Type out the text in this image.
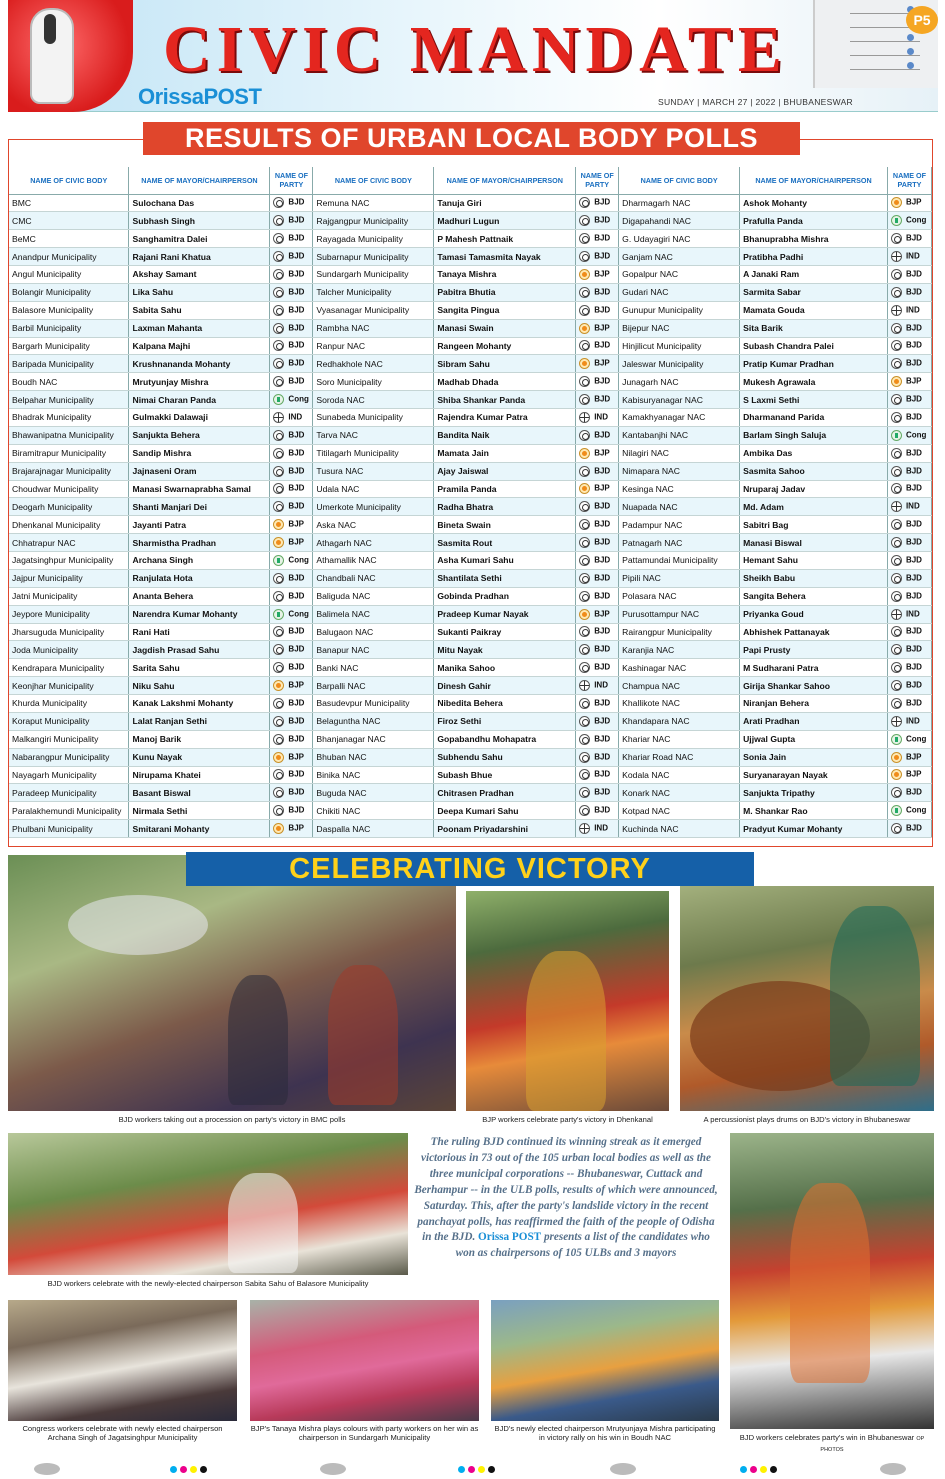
CIVIC MANDATE
OrissaPOST	SUNDAY | MARCH 27 | 2022 | BHUBANESWAR
P5
NAME OF CIVIC BODY	NAME OF MAYOR/CHAIRPERSON	NAME OF PARTY	NAME OF CIVIC BODY	NAME OF MAYOR/CHAIRPERSON	NAME OF PARTY	NAME OF CIVIC BODY	NAME OF MAYOR/CHAIRPERSON	NAME OF PARTY
BMC	Sulochana Das	BJD	Remuna NAC	Tanuja Giri	BJD	Dharmagarh NAC	Ashok Mohanty	BJP
CMC	Subhash Singh	BJD	Rajgangpur Municipality	Madhuri Lugun	BJD	Digapahandi NAC	Prafulla Panda	Cong
BeMC	Sanghamitra Dalei	BJD	Rayagada Municipality	P Mahesh Pattnaik	BJD	G. Udayagiri NAC	Bhanuprabha Mishra	BJD
Anandpur Municipality	Rajani Rani Khatua	BJD	Subarnapur Municipality	Tamasi Tamasmita Nayak	BJD	Ganjam NAC	Pratibha Padhi	IND
Angul Municipality	Akshay Samant	BJD	Sundargarh Municipality	Tanaya Mishra	BJP	Gopalpur NAC	A Janaki Ram	BJD
Bolangir Municipality	Lika Sahu	BJD	Talcher Municipality	Pabitra Bhutia	BJD	Gudari NAC	Sarmita Sabar	BJD
Balasore Municipality	Sabita Sahu	BJD	Vyasanagar Municipality	Sangita Pingua	BJD	Gunupur Municipality	Mamata Gouda	IND
Barbil Municipality	Laxman Mahanta	BJD	Rambha NAC	Manasi Swain	BJP	Bijepur NAC	Sita Barik	BJD
Bargarh Municipality	Kalpana Majhi	BJD	Ranpur NAC	Rangeen Mohanty	BJD	Hinjilicut Municipality	Subash Chandra Palei	BJD
Baripada Municipality	Krushnananda Mohanty	BJD	Redhakhole NAC	Sibram Sahu	BJP	Jaleswar Municipality	Pratip Kumar Pradhan	BJD
Boudh NAC	Mrutyunjay Mishra	BJD	Soro Municipality	Madhab Dhada	BJD	Junagarh NAC	Mukesh Agrawala	BJP
Belpahar Municipality	Nimai Charan Panda	Cong	Soroda NAC	Shiba Shankar Panda	BJD	Kabisuryanagar NAC	S Laxmi Sethi	BJD
Bhadrak Municipality	Gulmakki Dalawaji	IND	Sunabeda Municipality	Rajendra Kumar Patra	IND	Kamakhyanagar NAC	Dharmanand Parida	BJD
Bhawanipatna Municipality	Sanjukta Behera	BJD	Tarva NAC	Bandita Naik	BJD	Kantabanjhi NAC	Barlam Singh Saluja	Cong
Biramitrapur Municipality	Sandip Mishra	BJD	Titilagarh Municipality	Mamata Jain	BJP	Nilagiri NAC	Ambika Das	BJD
Brajarajnagar Municipality	Jajnaseni Oram	BJD	Tusura NAC	Ajay Jaiswal	BJD	Nimapara NAC	Sasmita Sahoo	BJD
Choudwar Municipality	Manasi Swarnaprabha Samal	BJD	Udala NAC	Pramila Panda	BJP	Kesinga NAC	Nruparaj Jadav	BJD
Deogarh Municipality	Shanti Manjari Dei	BJD	Umerkote Municipality	Radha Bhatra	BJD	Nuapada NAC	Md. Adam	IND
Dhenkanal Municipality	Jayanti Patra	BJP	Aska NAC	Bineta Swain	BJD	Padampur NAC	Sabitri Bag	BJD
Chhatrapur NAC	Sharmistha Pradhan	BJP	Athagarh NAC	Sasmita Rout	BJD	Patnagarh NAC	Manasi Biswal	BJD
Jagatsinghpur Municipality	Archana Singh	Cong	Athamallik NAC	Asha Kumari Sahu	BJD	Pattamundai Municipality	Hemant Sahu	BJD
Jajpur Municipality	Ranjulata Hota	BJD	Chandbali NAC	Shantilata Sethi	BJD	Pipili NAC	Sheikh Babu	BJD
Jatni Municipality	Ananta Behera	BJD	Baliguda NAC	Gobinda Pradhan	BJD	Polasara NAC	Sangita Behera	BJD
Jeypore Municipality	Narendra Kumar Mohanty	Cong	Balimela NAC	Pradeep Kumar Nayak	BJP	Purusottampur NAC	Priyanka Goud	IND
Jharsuguda Municipality	Rani Hati	BJD	Balugaon NAC	Sukanti Paikray	BJD	Rairangpur Municipality	Abhishek Pattanayak	BJD
Joda Municipality	Jagdish Prasad Sahu	BJD	Banapur NAC	Mitu Nayak	BJD	Karanjia NAC	Papi Prusty	BJD
Kendrapara Municipality	Sarita Sahu	BJD	Banki NAC	Manika Sahoo	BJD	Kashinagar NAC	M Sudharani Patra	BJD
Keonjhar Municipality	Niku Sahu	BJP	Barpalli NAC	Dinesh Gahir	IND	Champua NAC	Girija Shankar Sahoo	BJD
Khurda Municipality	Kanak Lakshmi Mohanty	BJD	Basudevpur Municipality	Nibedita Behera	BJD	Khallikote NAC	Niranjan Behera	BJD
Koraput Municipality	Lalat Ranjan Sethi	BJD	Belaguntha NAC	Firoz Sethi	BJD	Khandapara NAC	Arati Pradhan	IND
Malkangiri Municipality	Manoj Barik	BJD	Bhanjanagar NAC	Gopabandhu Mohapatra	BJD	Khariar NAC	Ujjwal Gupta	Cong
Nabarangpur Municipality	Kunu Nayak	BJP	Bhuban NAC	Subhendu Sahu	BJD	Khariar Road NAC	Sonia Jain	BJP
Nayagarh Municipality	Nirupama Khatei	BJD	Binika NAC	Subash Bhue	BJD	Kodala NAC	Suryanarayan Nayak	BJP
Paradeep Municipality	Basant Biswal	BJD	Buguda NAC	Chitrasen Pradhan	BJD	Konark NAC	Sanjukta Tripathy	BJD
Paralakhemundi Municipality	Nirmala Sethi	BJD	Chikiti NAC	Deepa Kumari Sahu	BJD	Kotpad NAC	M. Shankar Rao	Cong
Phulbani Municipality	Smitarani Mohanty	BJP	Daspalla NAC	Poonam Priyadarshini	IND	Kuchinda NAC	Pradyut Kumar Mohanty	BJD
RESULTS OF URBAN LOCAL BODY POLLS
CELEBRATING VICTORY
BJD workers taking out a procession on party's victory in BMC polls	BJP workers celebrate party's victory in Dhenkanal	A percussionist plays drums on BJD's victory in Bhubaneswar
BJD workers celebrate with the newly-elected chairperson Sabita Sahu of Balasore Municipality
The ruling BJD continued its winning streak as it emerged victorious in 73 out of the 105 urban local bodies as well as the three municipal corporations -- Bhubaneswar, Cuttack and Berhampur -- in the ULB polls, results of which were announced, Saturday. This, after the party's landslide victory in the recent panchayat polls, has reaffirmed the faith of the people of Odisha in the BJD. Orissa POST presents a list of the candidates who won as chairpersons of 105 ULBs and 3 mayors
BJD workers celebrates party's win in Bhubaneswar OP PHOTOS
Congress workers celebrate with newly elected chairperson Archana Singh of Jagatsinghpur Municipality
BJP's Tanaya Mishra plays colours with party workers on her win as chairperson in Sundargarh Municipality
BJD's newly elected chairperson Mrutyunjaya Mishra participating in victory rally on his win in Boudh NAC
